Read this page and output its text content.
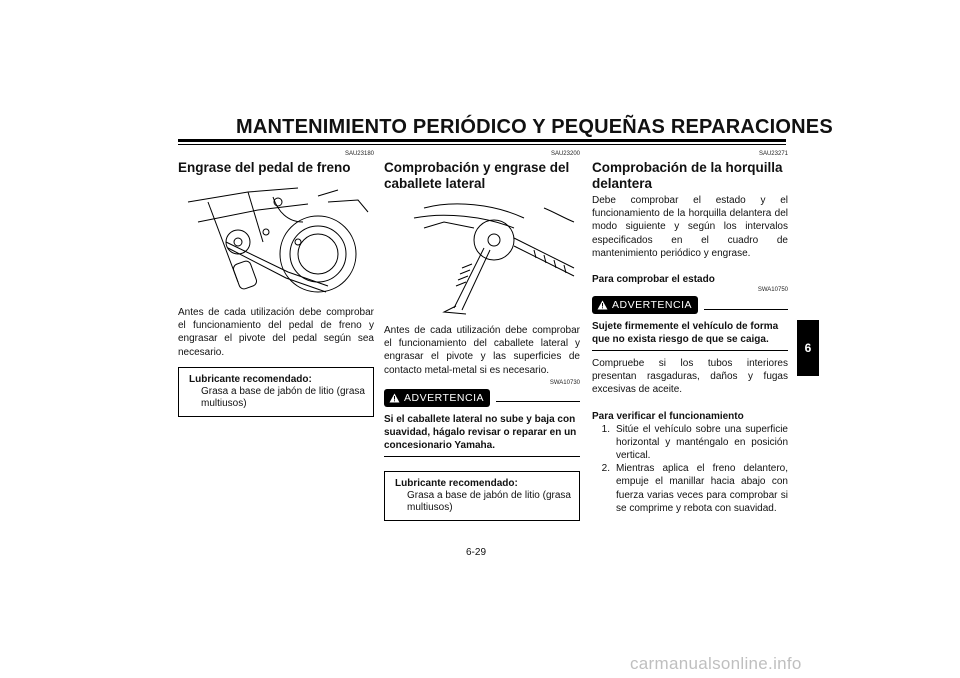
MANTENIMIENTO PERIÓDICO Y PEQUEÑAS REPARACIONES
SAU23180
Engrase del pedal de freno

Antes de cada utilización debe comprobar el funcionamiento del pedal de freno y engrasar el pivote del pedal según sea necesario.

Lubricante recomendado:
Grasa a base de jabón de litio (grasa multiusos)
SAU23200
Comprobación y engrase del caballete lateral

Antes de cada utilización debe comprobar el funcionamiento del caballete lateral y engrasar el pivote y las superficies de contacto metal-metal si es necesario.

SWA10730
ADVERTENCIA
Si el caballete lateral no sube y baja con suavidad, hágalo revisar o reparar en un concesionario Yamaha.
Lubricante recomendado:
Grasa a base de jabón de litio (grasa multiusos)
SAU23271
Comprobación de la horquilla delantera

Debe comprobar el estado y el funcionamiento de la horquilla delantera del modo siguiente y según los intervalos especificados en el cuadro de mantenimiento periódico y engrase.

Para comprobar el estado

SWA10750
ADVERTENCIA
Sujete firmemente el vehículo de forma que no exista riesgo de que se caiga.

Compruebe si los tubos interiores presentan rasgaduras, daños y fugas excesivas de aceite.

Para verificar el funcionamiento

1. Sitúe el vehículo sobre una superficie horizontal y manténgalo en posición vertical.
2. Mientras aplica el freno delantero, empuje el manillar hacia abajo con fuerza varias veces para comprobar si se comprime y rebota con suavidad.
6
6-29
carmanualsonline.info
